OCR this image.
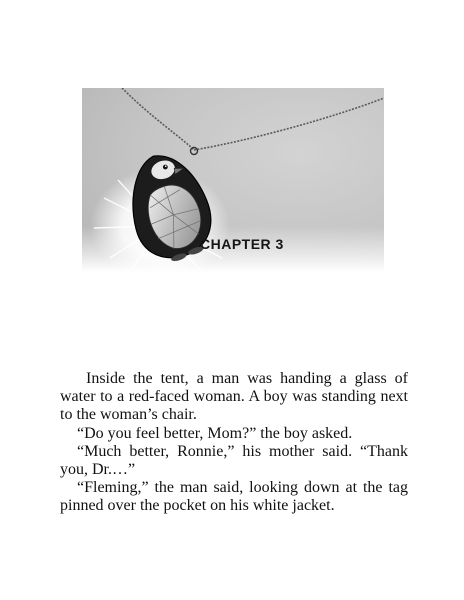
CHAPTER 3

Inside the tent, a man was handing a glass of water to a red-faced woman. A boy was standing next to the woman’s chair.

“Do you feel better, Mom?” the boy asked.

“Much better, Ronnie,” his mother said. “Thank you, Dr.…”

“Fleming,” the man said, looking down at the tag pinned over the pocket on his white jacket.
